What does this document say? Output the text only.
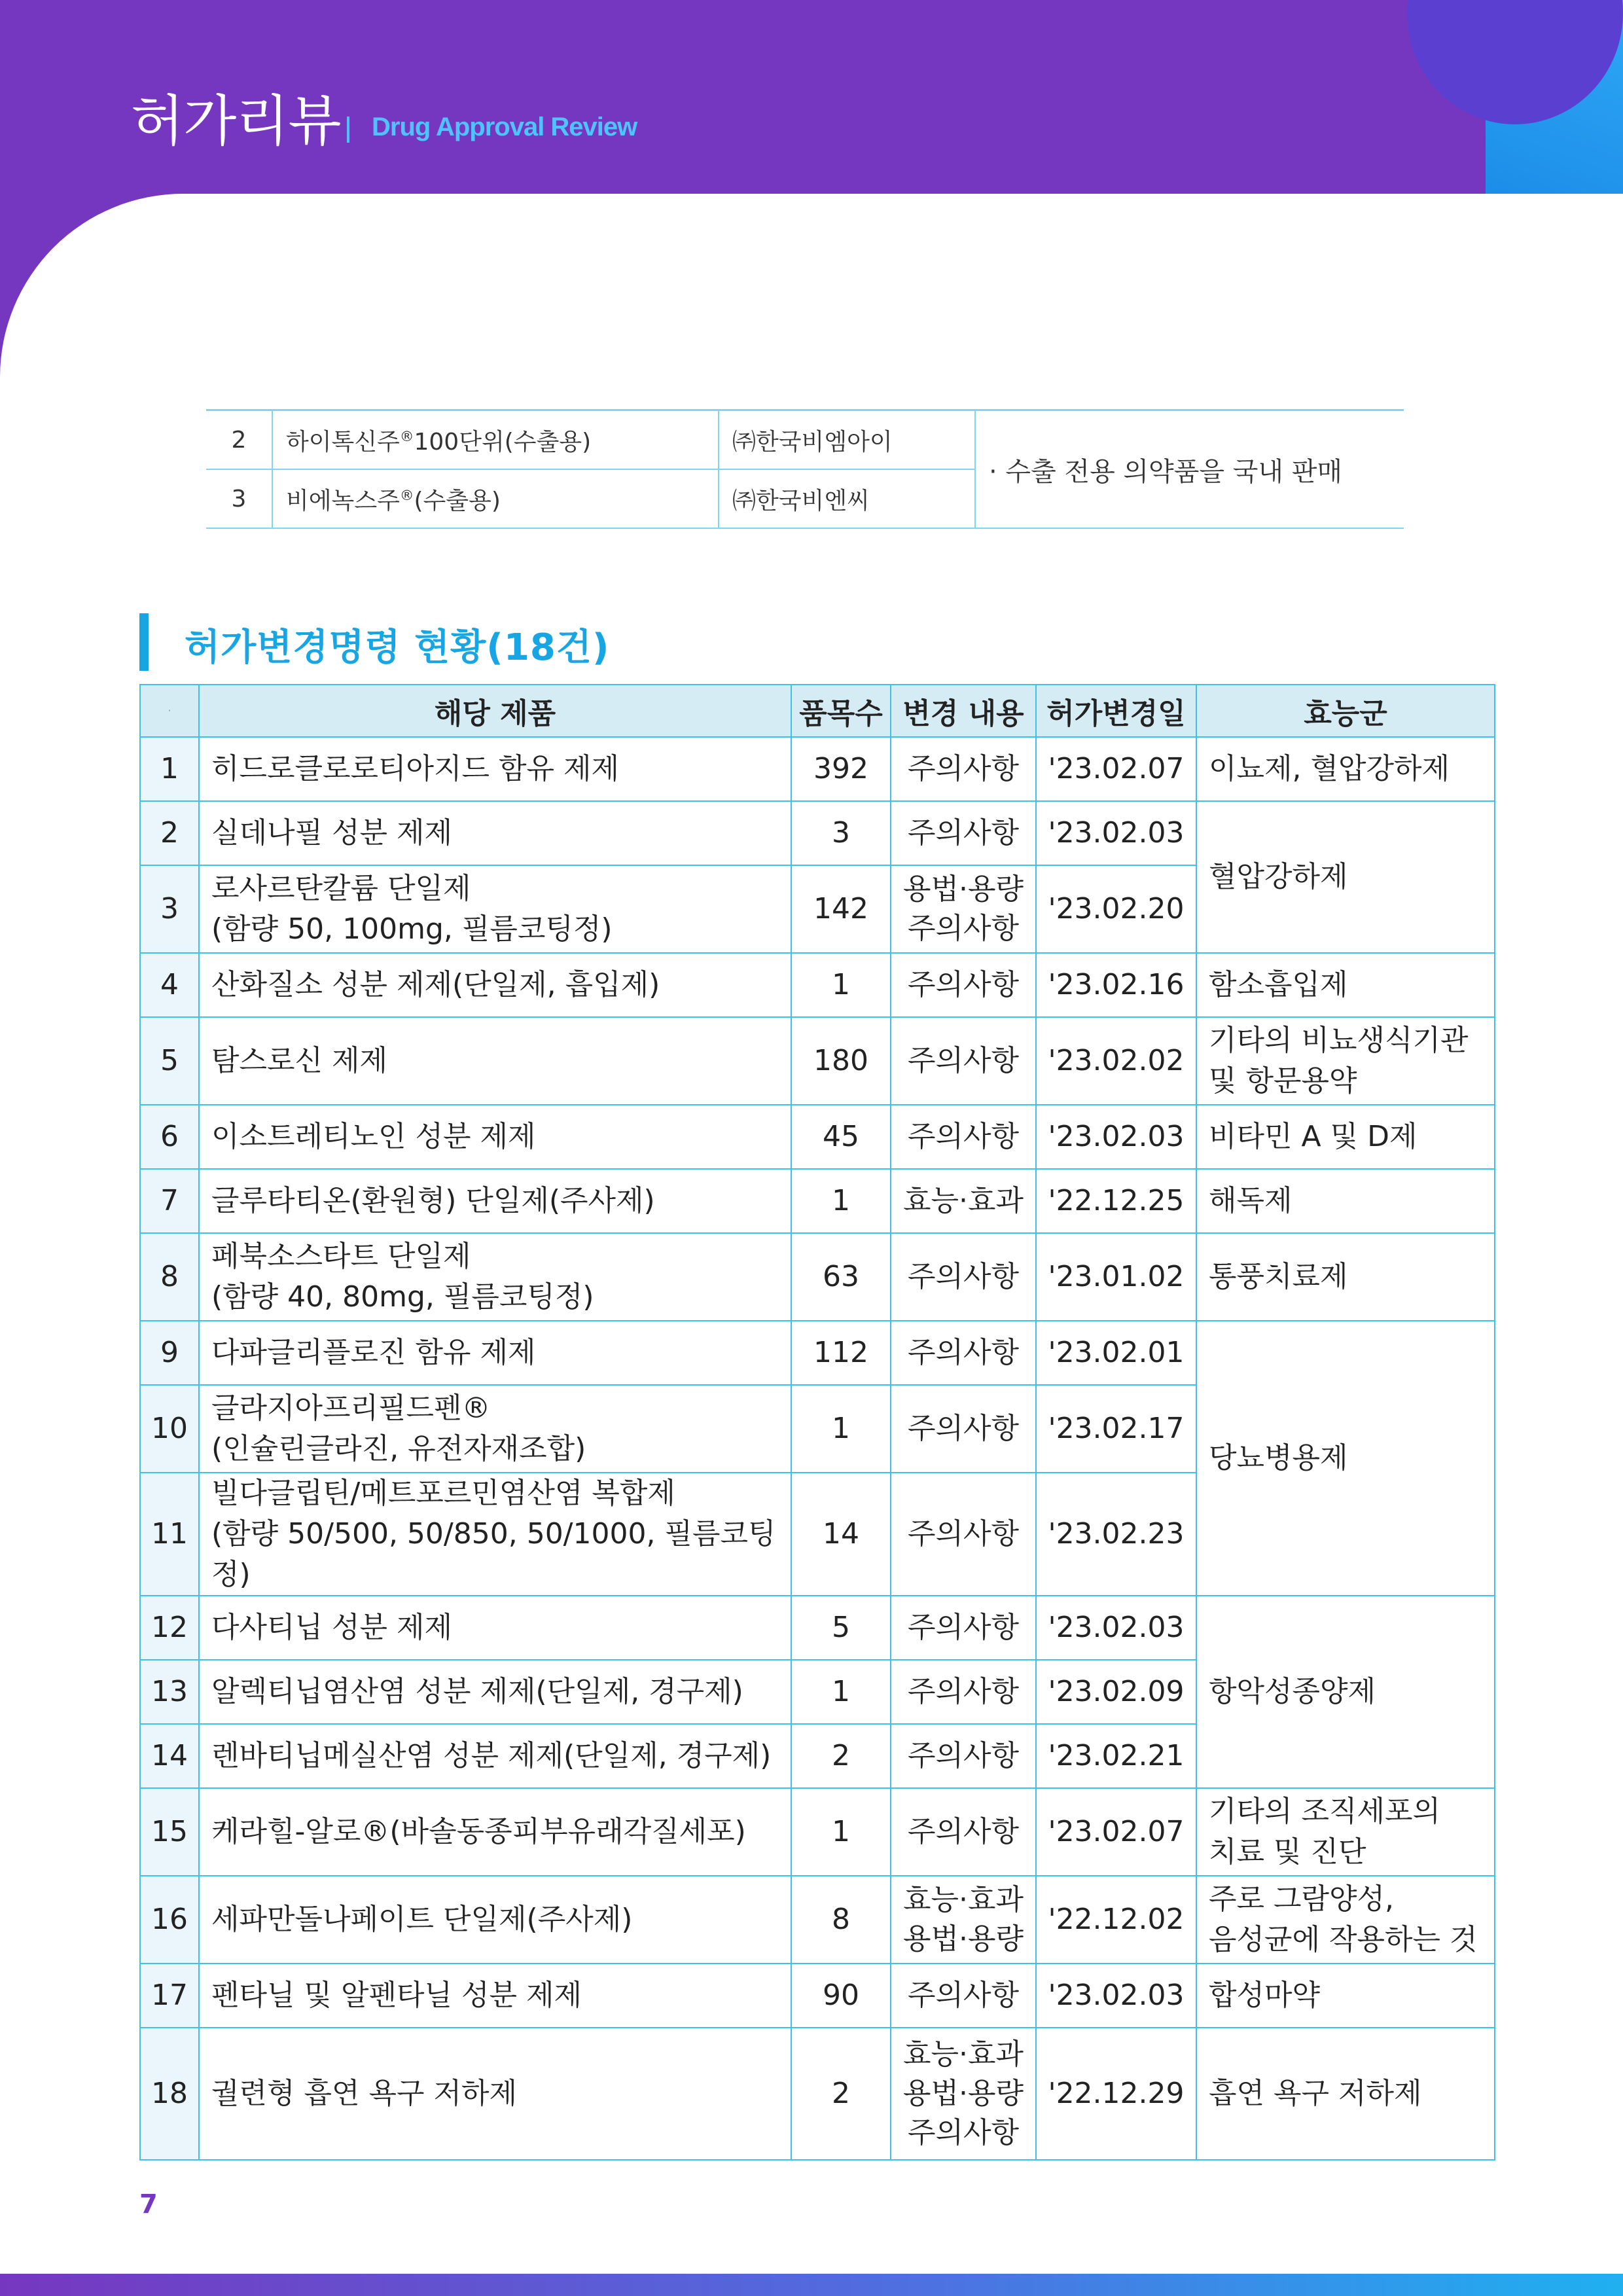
허가리뷰 Drug Approval Review
2	하이톡신주®100단위(수출용)	㈜한국비엠아이	· 수출 전용 의약품을 국내 판매
3	비에녹스주®(수출용)	㈜한국비엔씨	
허가변경명령 현황(18건)
·	해당 제품	품목수	변경 내용	허가변경일	효능군
1	히드로클로로티아지드 함유 제제	392	주의사항	'23.02.07	이뇨제, 혈압강하제

2	실데나필 성분 제제	3	주의사항	'23.02.03	혈압강하제

3	로사르탄칼륨 단일제
(함량 50, 100mg, 필름코팅정)	142	용법·용량
주의사항	'23.02.20	
4	산화질소 성분 제제(단일제, 흡입제)	1	주의사항	'23.02.16	함소흡입제

5	탐스로신 제제	180	주의사항	'23.02.02	기타의 비뇨생식기관
및 항문용약

6	이소트레티노인 성분 제제	45	주의사항	'23.02.03	비타민 A 및 D제

7	글루타티온(환원형) 단일제(주사제)	1	효능·효과	'22.12.25	해독제

8	페북소스타트 단일제
(함량 40, 80mg, 필름코팅정)	63	주의사항	'23.01.02	통풍치료제

9	다파글리플로진 함유 제제	112	주의사항	'23.02.01	당뇨병용제

10	글라지아프리필드펜®
(인슐린글라진, 유전자재조합)	1	주의사항	'23.02.17	
11	빌다글립틴/메트포르민염산염 복합제
(함량 50/500, 50/850, 50/1000, 필름코팅정)	14	주의사항	'23.02.23	
12	다사티닙 성분 제제	5	주의사항	'23.02.03	항악성종양제

13	알렉티닙염산염 성분 제제(단일제, 경구제)	1	주의사항	'23.02.09	
14	렌바티닙메실산염 성분 제제(단일제, 경구제)	2	주의사항	'23.02.21	
15	케라힐-알로®(바솔동종피부유래각질세포)	1	주의사항	'23.02.07	기타의 조직세포의
치료 및 진단

16	세파만돌나페이트 단일제(주사제)	8	효능·효과
용법·용량	'22.12.02	주로 그람양성,
음성균에 작용하는 것

17	펜타닐 및 알펜타닐 성분 제제	90	주의사항	'23.02.03	합성마약

18	궐련형 흡연 욕구 저하제	2	효능·효과
용법·용량
주의사항	'22.12.29	흡연 욕구 저하제
7
